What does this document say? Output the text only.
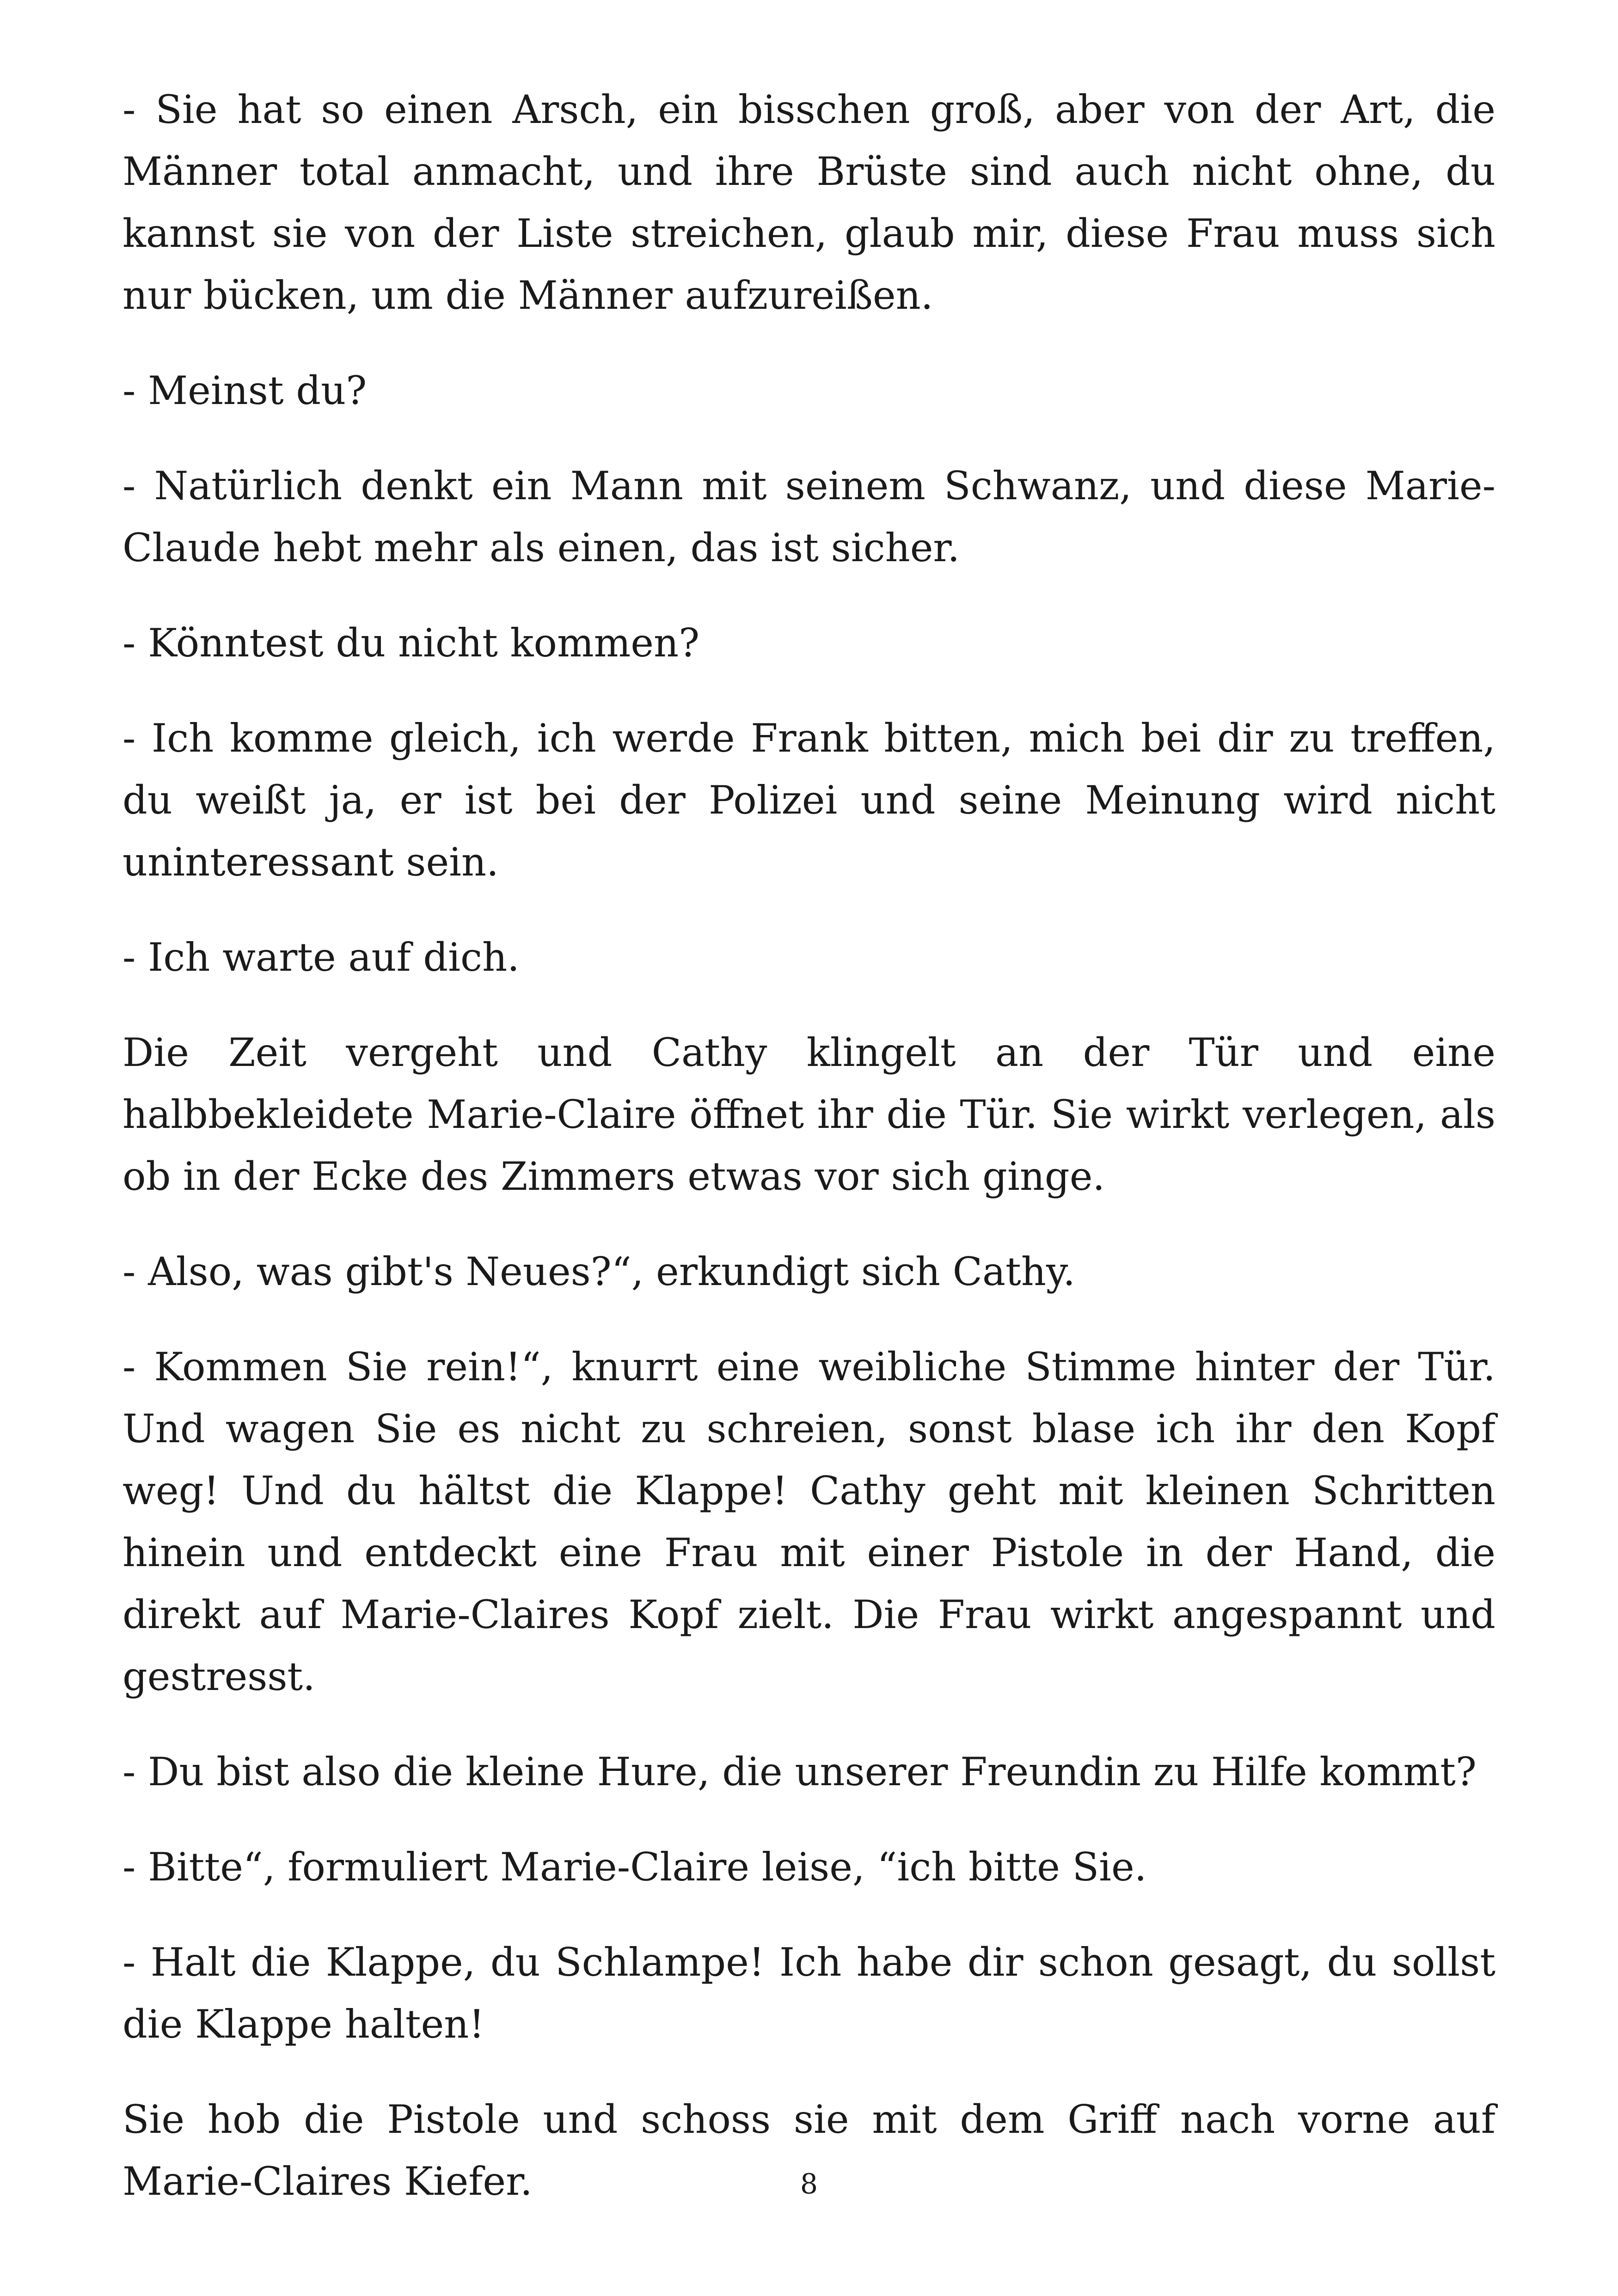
- Sie hat so einen Arsch, ein bisschen groß, aber von der Art, die Männer total anmacht, und ihre Brüste sind auch nicht ohne, du kannst sie von der Liste streichen, glaub mir, diese Frau muss sich nur bücken, um die Männer aufzureißen.

- Meinst du?

- Natürlich denkt ein Mann mit seinem Schwanz, und diese Marie-Claude hebt mehr als einen, das ist sicher.

- Könntest du nicht kommen?

- Ich komme gleich, ich werde Frank bitten, mich bei dir zu treffen, du weißt ja, er ist bei der Polizei und seine Meinung wird nicht uninteressant sein.

- Ich warte auf dich.

Die Zeit vergeht und Cathy klingelt an der Tür und eine halbbekleidete Marie-Claire öffnet ihr die Tür. Sie wirkt verlegen, als ob in der Ecke des Zimmers etwas vor sich ginge.

- Also, was gibt's Neues?“, erkundigt sich Cathy.

- Kommen Sie rein!“, knurrt eine weibliche Stimme hinter der Tür. Und wagen Sie es nicht zu schreien, sonst blase ich ihr den Kopf weg! Und du hältst die Klappe! Cathy geht mit kleinen Schritten hinein und entdeckt eine Frau mit einer Pistole in der Hand, die direkt auf Marie-Claires Kopf zielt. Die Frau wirkt angespannt und gestresst.

- Du bist also die kleine Hure, die unserer Freundin zu Hilfe kommt?

- Bitte“, formuliert Marie-Claire leise, “ich bitte Sie.

- Halt die Klappe, du Schlampe! Ich habe dir schon gesagt, du sollst die Klappe halten!

Sie hob die Pistole und schoss sie mit dem Griff nach vorne auf Marie-Claires Kiefer.	8
